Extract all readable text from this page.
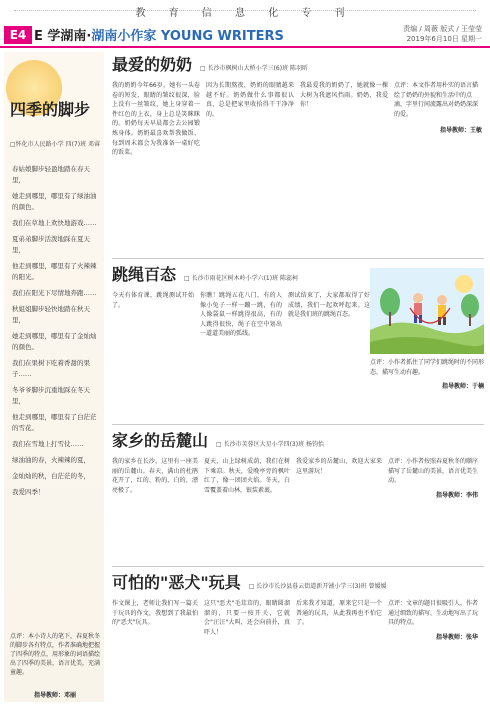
教 育 信 息 化 专 刊
E4 E 学湖南·湖南小作家 YOUNG WRITERS	责编 / 周薇 版式 / 王莹莹
2019年6月10日 星期一
四季的脚步
□怀化市人民路小学 四(7)班 邓睿

春姑娘脚步轻盈地踏在春天里，

她走到哪里，哪里有了绿油油的颜色。

我们在草地上欢快地游戏……

夏弟弟脚步活泼地踩在夏天里，

他走到哪里，哪里有了火辣辣的阳光。

我们在阳光下尽情地奔跑……

秋姐姐脚步轻快地踏在秋天里，

她走到哪里，哪里有了金灿灿的颜色。

我们在果树下吃着香甜的果子……

冬爷爷脚步沉重地踩在冬天里，

他走到哪里，哪里有了白茫茫的雪花。

我们在雪地上打雪仗……

绿油油的春，火辣辣的夏，

金灿灿的秋，白茫茫的冬，

我爱四季！

点评：本小诗人的笔下，春夏秋冬的脚步各有特点，作者准确地把握了四季的特点，用形象的词语描绘出了四季的美景，语言优美，充满童趣。
指导教师：邓丽
最爱的奶奶 □ 长沙市枫树山大桥小学三(6)班 陈羽昕
我的奶奶今年66岁，她有一头卷卷的短发，眼睛的皱纹很深，脸上没有一丝皱纹，她上身穿着一件红色的上衣，身上总是笑眯眯的。奶奶每天早晨都会去公园锻炼身体。奶奶最喜欢帮我做饭、每到周末都会为我准备一桌好吃的饭菜。
因为长期熬夜，奶奶的眼睛越来越不好。奶奶做什么事都很认真，总是把家里收拾得干干净净的。
我最爱我的奶奶了，她就像一棵大树为我遮风挡雨。奶奶，我爱你！
点评：本文作者用朴实的语言描绘了奶奶的外貌和生活中的点滴，字里行间流露出对奶奶深深的爱。
指导教师：王敏
跳绳百态 □ 长沙市雨花区树木岭小学六(1)班 陈蕊柯
今天有体育课，跳绳测试开始了。
你瞧！跳绳五花八门，有的人像小兔子一样一蹦一跳，有的人像袋鼠一样跳得很高，有的人跳得很快，绳子在空中划出一道道美丽的弧线。
测试结束了，大家都取得了好成绩，我们一起欢呼起来。这就是我们班的跳绳百态。
点评：小作者抓住了同学们跳绳时的不同形态，描写生动有趣。
指导教师：于楠
家乡的岳麓山 □ 长沙市芙蓉区大星小学四(3)班 杨钧怡
我的家乡在长沙，这里有一座美丽的岳麓山。春天，满山的杜鹃花开了，红的、粉的、白的，漂亮极了。
夏天，山上绿树成荫，我们在树下乘凉。秋天，爱晚亭旁的枫叶红了，像一团团火焰。冬天，白雪覆盖着山林，银装素裹。
我爱家乡的岳麓山，欢迎大家来这里游玩！
点评：小作者按照春夏秋冬的顺序描写了岳麓山的美景，语言优美生动。
指导教师：李伟
可怕的"恶犬"玩具 □ 长沙市长沙县暮云街道新开铺小学三(3)班 曾媛媛
作文课上，老师让我们写一篇关于玩具的作文，我想到了我最怕的"恶犬"玩具。
这只"恶犬"毛茸茸的，眼睛圆溜溜的，只要一按开关，它就会"汪汪"大叫，还会向前扑，真吓人！
后来我才知道，原来它只是一个普通的玩具，从此我再也不怕它了。
点评：文章的题目很吸引人，作者通过细致的描写，生动地写出了玩具的特点。
指导教师：张华
